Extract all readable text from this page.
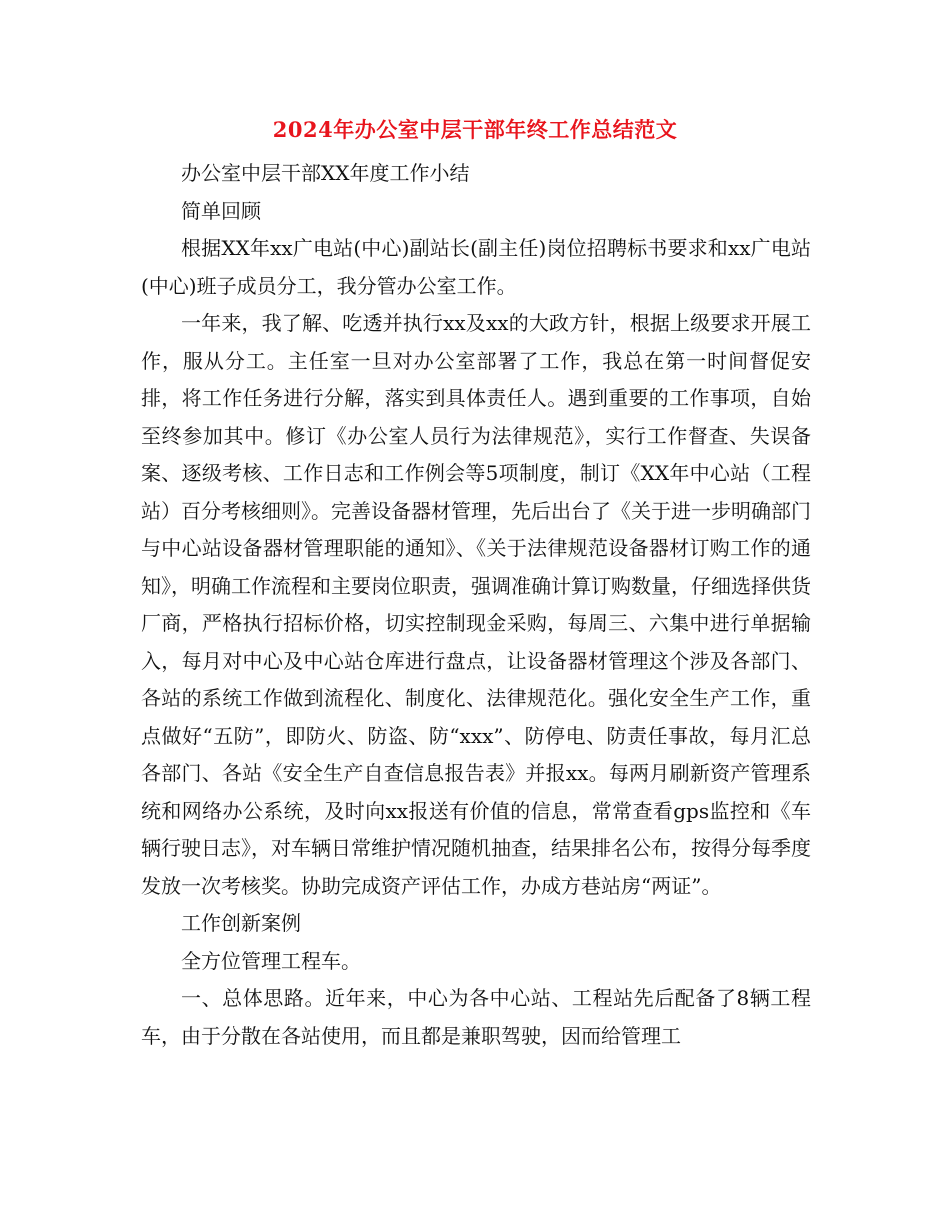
2024年办公室中层干部年终工作总结范文

办公室中层干部XX年度工作小结

简单回顾

根据XX年xx广电站(中心)副站长(副主任)岗位招聘标书要求和xx广电站(中心)班子成员分工，我分管办公室工作。

一年来，我了解、吃透并执行xx及xx的大政方针，根据上级要求开展工作，服从分工。主任室一旦对办公室部署了工作，我总在第一时间督促安排，将工作任务进行分解，落实到具体责任人。遇到重要的工作事项，自始至终参加其中。修订《办公室人员行为法律规范》，实行工作督查、失误备案、逐级考核、工作日志和工作例会等5项制度，制订《XX年中心站（工程站）百分考核细则》。完善设备器材管理，先后出台了《关于进一步明确部门与中心站设备器材管理职能的通知》、《关于法律规范设备器材订购工作的通知》，明确工作流程和主要岗位职责，强调准确计算订购数量，仔细选择供货厂商，严格执行招标价格，切实控制现金采购，每周三、六集中进行单据输入，每月对中心及中心站仓库进行盘点，让设备器材管理这个涉及各部门、各站的系统工作做到流程化、制度化、法律规范化。强化安全生产工作，重点做好“五防”，即防火、防盗、防“xxx”、防停电、防责任事故，每月汇总各部门、各站《安全生产自查信息报告表》并报xx。每两月刷新资产管理系统和网络办公系统，及时向xx报送有价值的信息，常常查看gps监控和《车辆行驶日志》，对车辆日常维护情况随机抽查，结果排名公布，按得分每季度发放一次考核奖。协助完成资产评估工作，办成方巷站房“两证”。

工作创新案例

全方位管理工程车。

一、总体思路。近年来，中心为各中心站、工程站先后配备了8辆工程车，由于分散在各站使用，而且都是兼职驾驶，因而给管理工
